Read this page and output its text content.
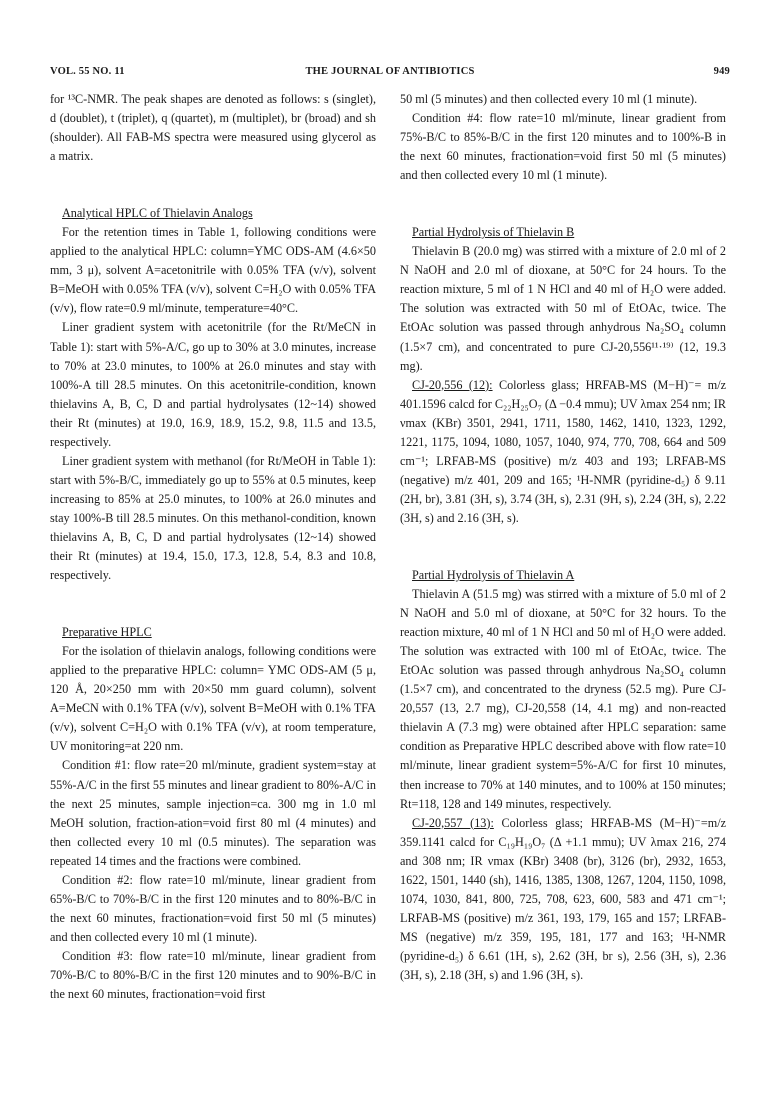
VOL. 55 NO. 11	THE JOURNAL OF ANTIBIOTICS	949

for ¹³C-NMR. The peak shapes are denoted as follows: s (singlet), d (doublet), t (triplet), q (quartet), m (multiplet), br (broad) and sh (shoulder). All FAB-MS spectra were measured using glycerol as a matrix.

Analytical HPLC of Thielavin Analogs

For the retention times in Table 1, following conditions were applied to the analytical HPLC: column=YMC ODS-AM (4.6×50 mm, 3 μ), solvent A=acetonitrile with 0.05% TFA (v/v), solvent B=MeOH with 0.05% TFA (v/v), solvent C=H₂O with 0.05% TFA (v/v), flow rate=0.9 ml/minute, temperature=40°C.

Liner gradient system with acetonitrile (for the Rt/MeCN in Table 1): start with 5%-A/C, go up to 30% at 3.0 minutes, increase to 70% at 23.0 minutes, to 100% at 26.0 minutes and stay with 100%-A till 28.5 minutes. On this acetonitrile-condition, known thielavins A, B, C, D and partial hydrolysates (12~14) showed their Rt (minutes) at 19.0, 16.9, 18.9, 15.2, 9.8, 11.5 and 13.5, respectively.

Liner gradient system with methanol (for Rt/MeOH in Table 1): start with 5%-B/C, immediately go up to 55% at 0.5 minutes, keep increasing to 85% at 25.0 minutes, to 100% at 26.0 minutes and stay 100%-B till 28.5 minutes. On this methanol-condition, known thielavins A, B, C, D and partial hydrolysates (12~14) showed their Rt (minutes) at 19.4, 15.0, 17.3, 12.8, 5.4, 8.3 and 10.8, respectively.

Preparative HPLC

For the isolation of thielavin analogs, following conditions were applied to the preparative HPLC: column= YMC ODS-AM (5 μ, 120 Å, 20×250 mm with 20×50 mm guard column), solvent A=MeCN with 0.1% TFA (v/v), solvent B=MeOH with 0.1% TFA (v/v), solvent C=H₂O with 0.1% TFA (v/v), at room temperature, UV monitoring=at 220 nm.

Condition #1: flow rate=20 ml/minute, gradient system=stay at 55%-A/C in the first 55 minutes and linear gradient to 80%-A/C in the next 25 minutes, sample injection=ca. 300 mg in 1.0 ml MeOH solution, fraction-ation=void first 80 ml (4 minutes) and then collected every 10 ml (0.5 minutes). The separation was repeated 14 times and the fractions were combined.

Condition #2: flow rate=10 ml/minute, linear gradient from 65%-B/C to 70%-B/C in the first 120 minutes and to 80%-B/C in the next 60 minutes, fractionation=void first 50 ml (5 minutes) and then collected every 10 ml (1 minute).

Condition #3: flow rate=10 ml/minute, linear gradient from 70%-B/C to 80%-B/C in the first 120 minutes and to 90%-B/C in the next 60 minutes, fractionation=void first

50 ml (5 minutes) and then collected every 10 ml (1 minute).

Condition #4: flow rate=10 ml/minute, linear gradient from 75%-B/C to 85%-B/C in the first 120 minutes and to 100%-B in the next 60 minutes, fractionation=void first 50 ml (5 minutes) and then collected every 10 ml (1 minute).

Partial Hydrolysis of Thielavin B

Thielavin B (20.0 mg) was stirred with a mixture of 2.0 ml of 2 N NaOH and 2.0 ml of dioxane, at 50°C for 24 hours. To the reaction mixture, 5 ml of 1 N HCl and 40 ml of H₂O were added. The solution was extracted with 50 ml of EtOAc, twice. The EtOAc solution was passed through anhydrous Na₂SO₄ column (1.5×7 cm), and concentrated to pure CJ-20,556¹¹·¹⁹⁾ (12, 19.3 mg).

CJ-20,556 (12): Colorless glass; HRFAB-MS (M−H)⁻= m/z 401.1596 calcd for C₂₂H₂₅O₇ (Δ −0.4 mmu); UV λmax 254 nm; IR νmax (KBr) 3501, 2941, 1711, 1580, 1462, 1410, 1323, 1292, 1221, 1175, 1094, 1080, 1057, 1040, 974, 770, 708, 664 and 509 cm⁻¹; LRFAB-MS (positive) m/z 403 and 193; LRFAB-MS (negative) m/z 401, 209 and 165; ¹H-NMR (pyridine-d₅) δ 9.11 (2H, br), 3.81 (3H, s), 3.74 (3H, s), 2.31 (9H, s), 2.24 (3H, s), 2.22 (3H, s) and 2.16 (3H, s).

Partial Hydrolysis of Thielavin A

Thielavin A (51.5 mg) was stirred with a mixture of 5.0 ml of 2 N NaOH and 5.0 ml of dioxane, at 50°C for 32 hours. To the reaction mixture, 40 ml of 1 N HCl and 50 ml of H₂O were added. The solution was extracted with 100 ml of EtOAc, twice. The EtOAc solution was passed through anhydrous Na₂SO₄ column (1.5×7 cm), and concentrated to the dryness (52.5 mg). Pure CJ-20,557 (13, 2.7 mg), CJ-20,558 (14, 4.1 mg) and non-reacted thielavin A (7.3 mg) were obtained after HPLC separation: same condition as Preparative HPLC described above with flow rate=10 ml/minute, linear gradient system=5%-A/C for first 10 minutes, then increase to 70% at 140 minutes, and to 100% at 150 minutes; Rt=118, 128 and 149 minutes, respectively.

CJ-20,557 (13): Colorless glass; HRFAB-MS (M−H)⁻=m/z 359.1141 calcd for C₁₉H₁₉O₇ (Δ +1.1 mmu); UV λmax 216, 274 and 308 nm; IR νmax (KBr) 3408 (br), 3126 (br), 2932, 1653, 1622, 1501, 1440 (sh), 1416, 1385, 1308, 1267, 1204, 1150, 1098, 1074, 1030, 841, 800, 725, 708, 623, 600, 583 and 471 cm⁻¹; LRFAB-MS (positive) m/z 361, 193, 179, 165 and 157; LRFAB-MS (negative) m/z 359, 195, 181, 177 and 163; ¹H-NMR (pyridine-d₅) δ 6.61 (1H, s), 2.62 (3H, br s), 2.56 (3H, s), 2.36 (3H, s), 2.18 (3H, s) and 1.96 (3H, s).
